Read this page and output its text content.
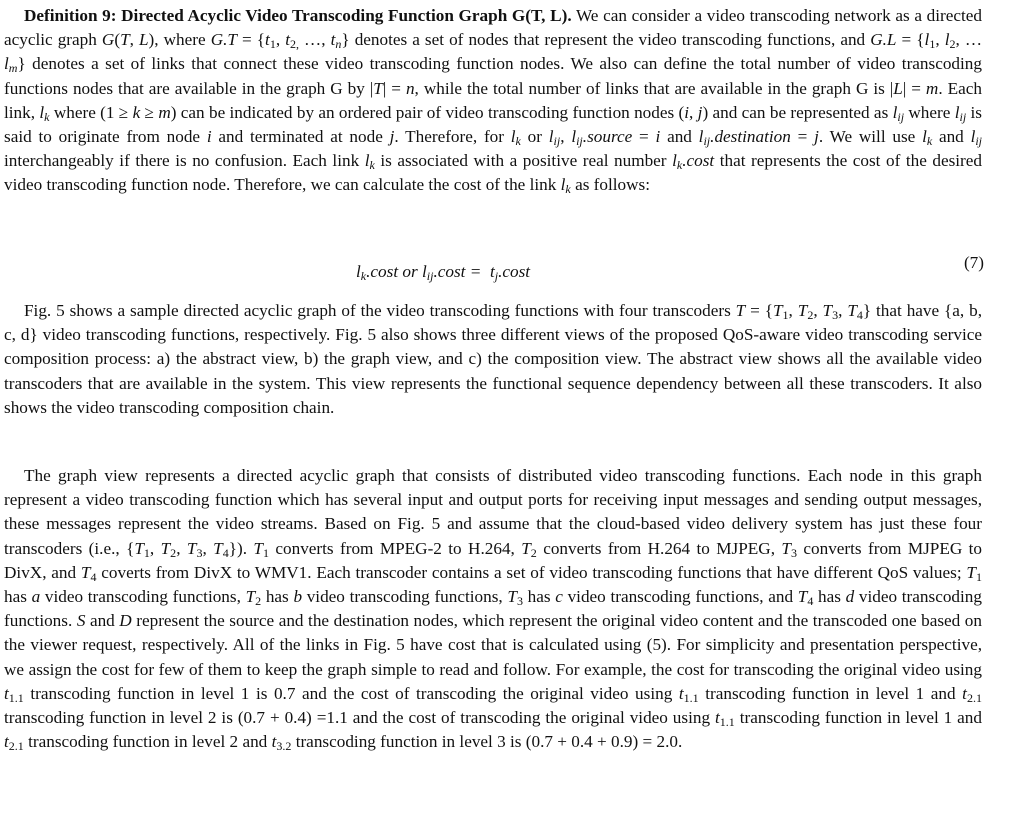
Definition 9: Directed Acyclic Video Transcoding Function Graph G(T, L). We can consider a video transcoding network as a directed acyclic graph G(T, L), where $G.T = \{t_1$, $t_{2,}$ …, $t_n$} denotes a set of nodes that represent the video transcoding functions, and $G.L = \{l_1$, $l_2$, … $l_m$} denotes a set of links that connect these video transcoding function nodes. We also can define the total number of video transcoding functions nodes that are available in the graph G by |T| = n, while the total number of links that are available in the graph G is |L| = m. Each link, $l_k$ where (1 ≥ k ≥ m) can be indicated by an ordered pair of video transcoding function nodes (i, j) and can be represented as $l_{ij}$ where $l_{ij}$ is said to originate from node i and terminated at node j. Therefore, for $l_k$ or $l_{ij}$, $l_{ij}.source = i$ and $l_{ij}.destination = j$. We will use $l_k$ and $l_{ij}$ interchangeably if there is no confusion. Each link $l_k$ is associated with a positive real number $l_k.\cos t$ that represents the cost of the desired video transcoding function node. Therefore, we can calculate the cost of the link $l_k$ as follows:

$l_k.\cos t$ or $l_{ij}.\cos t = t_j.\cos t$	(7)

Fig. 5 shows a sample directed acyclic graph of the video transcoding functions with four transcoders $T = \{T_1$, $T_2$, $T_3$, $T_4$} that have {a, b, c, d} video transcoding functions, respectively. Fig. 5 also shows three different views of the proposed QoS-aware video transcoding service composition process: a) the abstract view, b) the graph view, and c) the composition view. The abstract view shows all the available video transcoders that are available in the system. This view represents the functional sequence dependency between all these transcoders. It also shows the video transcoding composition chain.

The graph view represents a directed acyclic graph that consists of distributed video transcoding functions. Each node in this graph represent a video transcoding function which has several input and output ports for receiving input messages and sending output messages, these messages represent the video streams. Based on Fig. 5 and assume that the cloud-based video delivery system has just these four transcoders (i.e., {$T_1$, $T_2$, $T_3$, $T_4$}). $T_1$ converts from MPEG-2 to H.264, $T_2$ converts from H.264 to MJPEG, $T_3$ converts from MJPEG to DivX, and $T_4$ coverts from DivX to WMV1. Each transcoder contains a set of video transcoding functions that have different QoS values; $T_1$ has a video transcoding functions, $T_2$ has b video transcoding functions, $T_3$ has c video transcoding functions, and $T_4$ has d video transcoding functions. S and D represent the source and the destination nodes, which represent the original video content and the transcoded one based on the viewer request, respectively. All of the links in Fig. 5 have cost that is calculated using (5). For simplicity and presentation perspective, we assign the cost for few of them to keep the graph simple to read and follow. For example, the cost for transcoding the original video using $t_{1.1}$ transcoding function in level 1 is 0.7 and the cost of transcoding the original video using $t_{1.1}$ transcoding function in level 1 and $t_{2.1}$ transcoding function in level 2 is (0.7 + 0.4) =1.1 and the cost of transcoding the original video using $t_{1.1}$ transcoding function in level 1 and $t_{2.1}$ transcoding function in level 2 and $t_{3.2}$ transcoding function in level 3 is (0.7 + 0.4 + 0.9) = 2.0.
